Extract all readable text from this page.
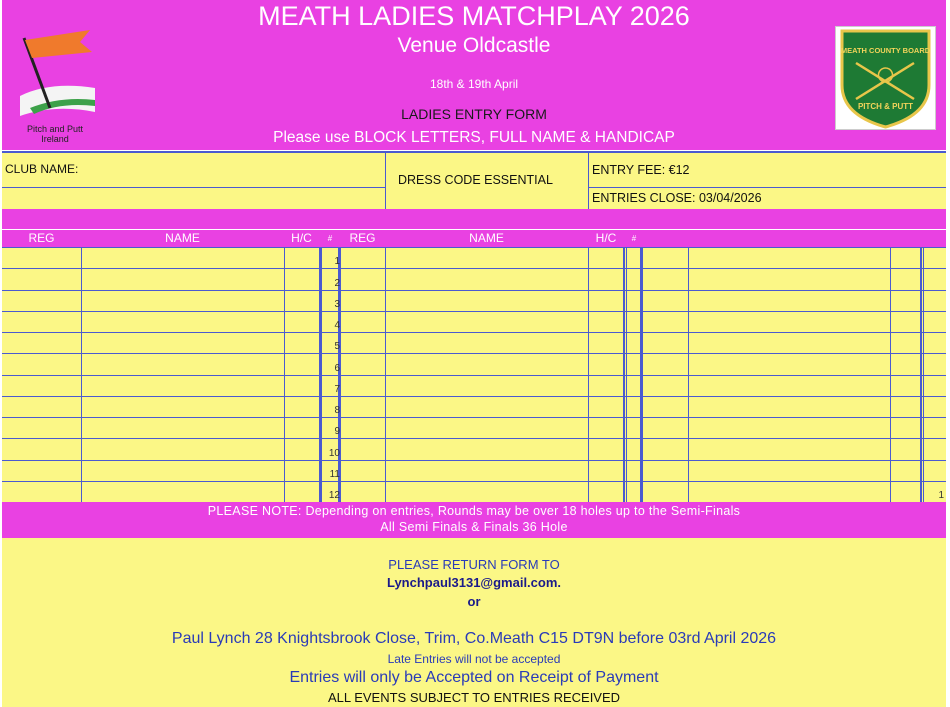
MEATH LADIES MATCHPLAY 2026
Venue Oldcastle
18th & 19th April
LADIES ENTRY FORM
Please use BLOCK LETTERS, FULL NAME & HANDICAP
Pitch and Putt
Ireland
MEATH COUNTY BOARD
PITCH & PUTT
CLUB NAME:
DRESS CODE ESSENTIAL
ENTRY FEE: €12
ENTRIES CLOSE: 03/04/2026
REG	NAME	H/C	#	REG	NAME	H/C	#
1
2
3
4
5
6
7
8
9
10
11
12	1
PLEASE NOTE: Depending on entries, Rounds may be over 18 holes up to the Semi-Finals
All Semi Finals & Finals 36 Hole
PLEASE RETURN FORM TO
Lynchpaul3131@gmail.com.
or
Paul Lynch 28 Knightsbrook Close, Trim, Co.Meath C15 DT9N before 03rd April 2026
Late Entries will not be accepted
Entries will only be Accepted on Receipt of Payment
ALL EVENTS SUBJECT TO ENTRIES RECEIVED
